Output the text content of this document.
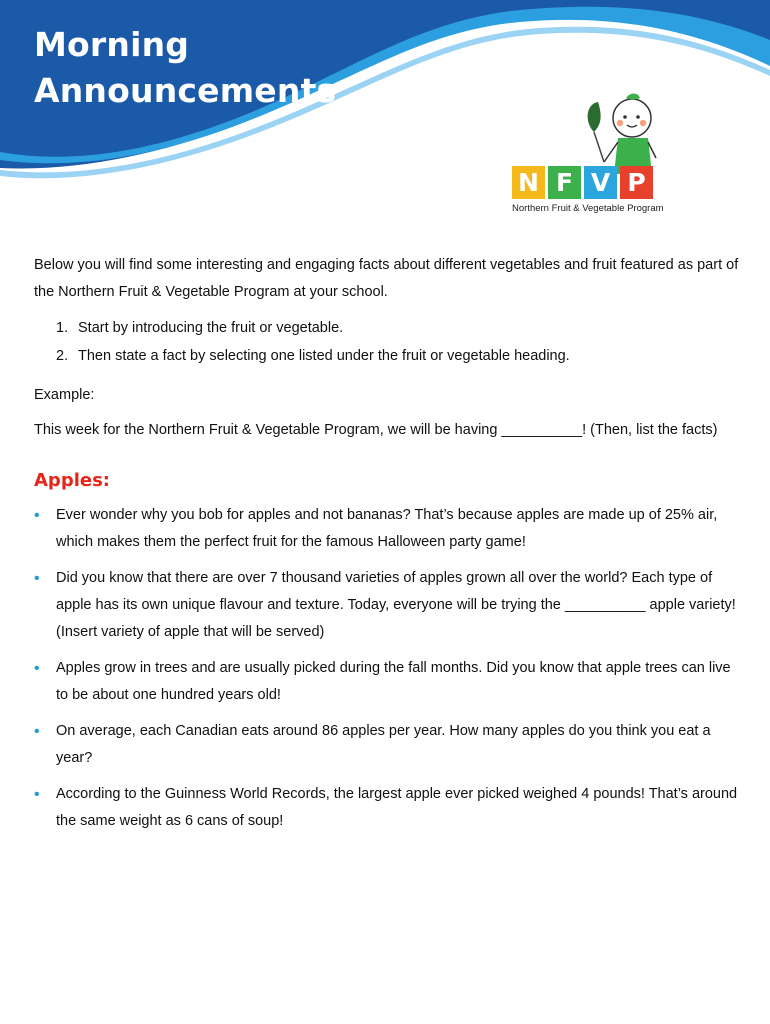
Morning
Announcements
N F V P
Northern Fruit & Vegetable Program

Below you will find some interesting and engaging facts about different vegetables and fruit featured as part of the Northern Fruit & Vegetable Program at your school.

1. Start by introducing the fruit or vegetable.
2. Then state a fact by selecting one listed under the fruit or vegetable heading.

Example:

This week for the Northern Fruit & Vegetable Program, we will be having __________! (Then, list the facts)

Apples:
• Ever wonder why you bob for apples and not bananas? That’s because apples are made up of 25% air, which makes them the perfect fruit for the famous Halloween party game!
• Did you know that there are over 7 thousand varieties of apples grown all over the world? Each type of apple has its own unique flavour and texture. Today, everyone will be trying the __________ apple variety! (Insert variety of apple that will be served)
• Apples grow in trees and are usually picked during the fall months. Did you know that apple trees can live to be about one hundred years old!
• On average, each Canadian eats around 86 apples per year. How many apples do you think you eat a year?
• According to the Guinness World Records, the largest apple ever picked weighed 4 pounds! That’s around the same weight as 6 cans of soup!
